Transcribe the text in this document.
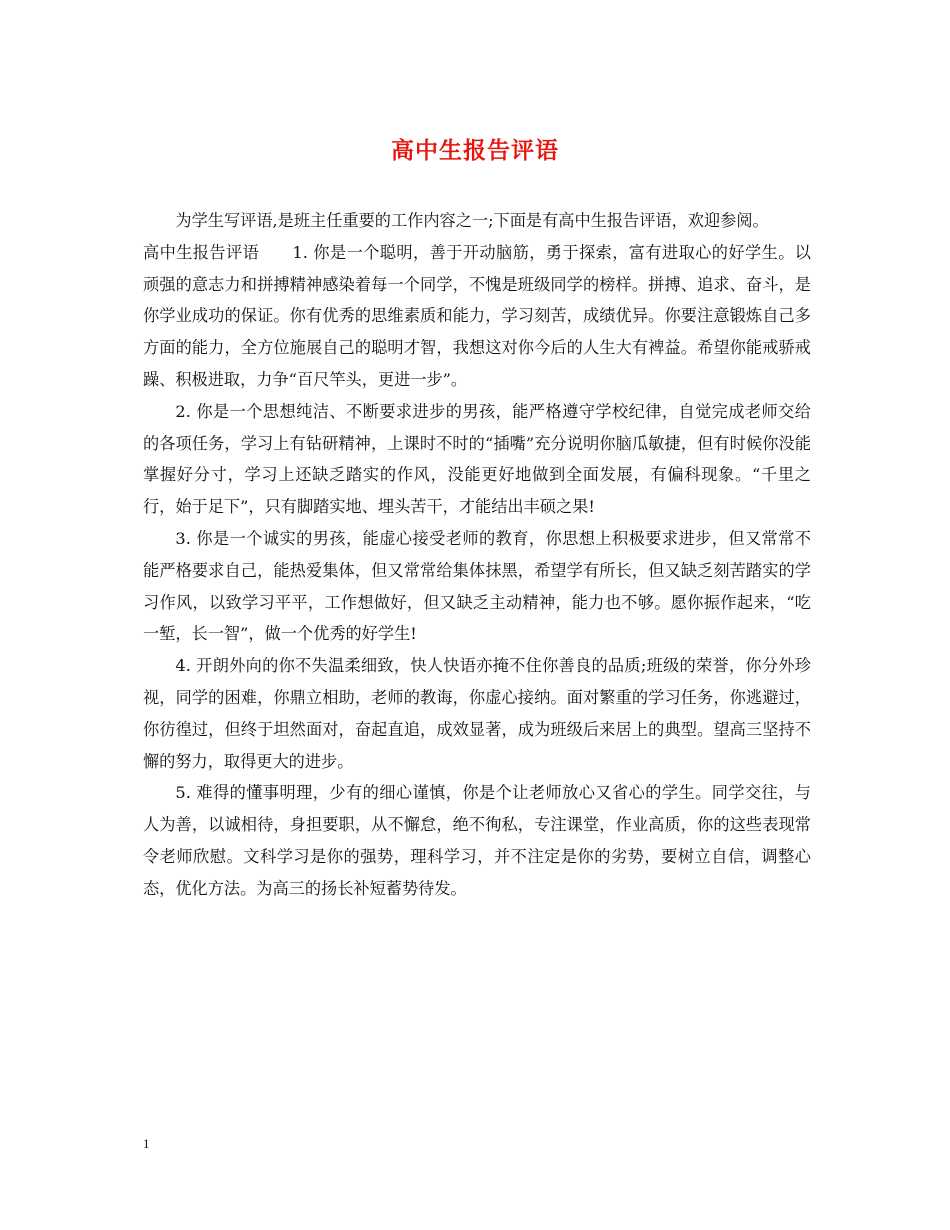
高中生报告评语

为学生写评语,是班主任重要的工作内容之一;下面是有高中生报告评语，欢迎参阅。

高中生报告评语　　1. 你是一个聪明，善于开动脑筋，勇于探索，富有进取心的好学生。以顽强的意志力和拼搏精神感染着每一个同学，不愧是班级同学的榜样。拼搏、追求、奋斗，是你学业成功的保证。你有优秀的思维素质和能力，学习刻苦，成绩优异。你要注意锻炼自己多方面的能力，全方位施展自己的聪明才智，我想这对你今后的人生大有裨益。希望你能戒骄戒躁、积极进取，力争“百尺竿头，更进一步”。

2. 你是一个思想纯洁、不断要求进步的男孩，能严格遵守学校纪律，自觉完成老师交给的各项任务，学习上有钻研精神，上课时不时的“插嘴”充分说明你脑瓜敏捷，但有时候你没能掌握好分寸，学习上还缺乏踏实的作风，没能更好地做到全面发展，有偏科现象。“千里之行，始于足下”，只有脚踏实地、埋头苦干，才能结出丰硕之果!

3. 你是一个诚实的男孩，能虚心接受老师的教育，你思想上积极要求进步，但又常常不能严格要求自己，能热爱集体，但又常常给集体抹黑，希望学有所长，但又缺乏刻苦踏实的学习作风，以致学习平平，工作想做好，但又缺乏主动精神，能力也不够。愿你振作起来，“吃一堑，长一智”，做一个优秀的好学生!

4. 开朗外向的你不失温柔细致，快人快语亦掩不住你善良的品质;班级的荣誉，你分外珍视，同学的困难，你鼎立相助，老师的教诲，你虚心接纳。面对繁重的学习任务，你逃避过，你彷徨过，但终于坦然面对，奋起直追，成效显著，成为班级后来居上的典型。望高三坚持不懈的努力，取得更大的进步。

5. 难得的懂事明理，少有的细心谨慎，你是个让老师放心又省心的学生。同学交往，与人为善，以诚相待，身担要职，从不懈怠，绝不徇私，专注课堂，作业高质，你的这些表现常令老师欣慰。文科学习是你的强势，理科学习，并不注定是你的劣势，要树立自信，调整心态，优化方法。为高三的扬长补短蓄势待发。

1
